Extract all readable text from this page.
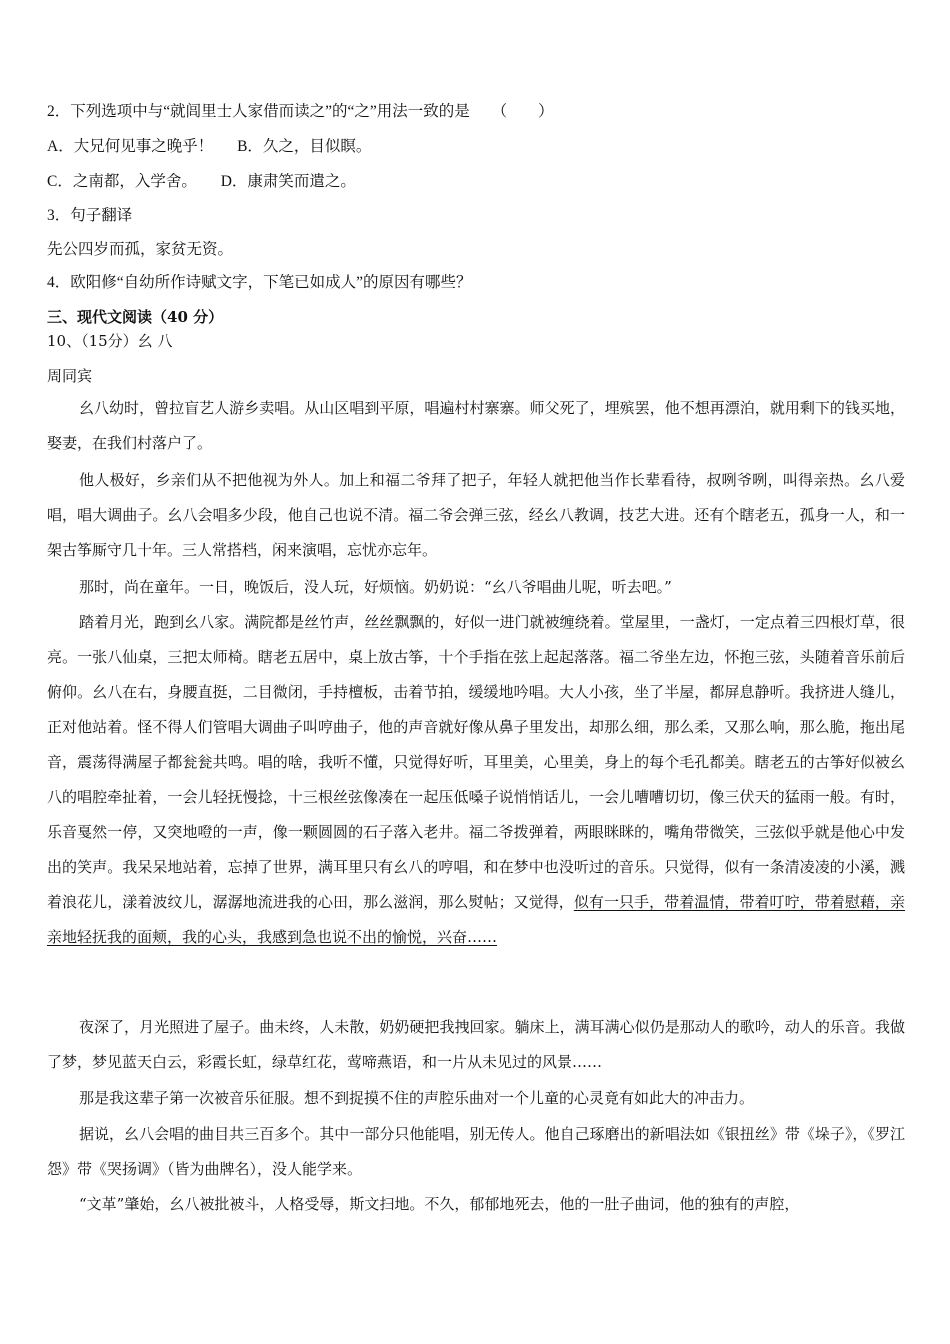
2．下列选项中与“就闾里士人家借而读之”的“之”用法一致的是 （　　）
A．大兄何见事之晚乎！ B．久之，目似瞑。
C．之南都，入学舍。 D．康肃笑而遣之。
3．句子翻译
先公四岁而孤，家贫无资。
4．欧阳修“自幼所作诗赋文字，下笔已如成人”的原因有哪些？
三、现代文阅读（40 分）
10、（15分）幺 八
周同宾
幺八幼时，曾拉盲艺人游乡卖唱。从山区唱到平原，唱遍村村寨寨。师父死了，埋殡罢，他不想再漂泊，就用剩下的钱买地，娶妻，在我们村落户了。
他人极好，乡亲们从不把他视为外人。加上和福二爷拜了把子，年轻人就把他当作长辈看待，叔咧爷咧，叫得亲热。幺八爱唱，唱大调曲子。幺八会唱多少段，他自己也说不清。福二爷会弹三弦，经幺八教调，技艺大进。还有个瞎老五，孤身一人，和一架古筝厮守几十年。三人常搭档，闲来演唱，忘忧亦忘年。
那时，尚在童年。一日，晚饭后，没人玩，好烦恼。奶奶说：“幺八爷唱曲儿呢，听去吧。”
踏着月光，跑到幺八家。满院都是丝竹声，丝丝飘飘的，好似一进门就被缠绕着。堂屋里，一盏灯，一定点着三四根灯草，很亮。一张八仙桌，三把太师椅。瞎老五居中，桌上放古筝，十个手指在弦上起起落落。福二爷坐左边，怀抱三弦，头随着音乐前后俯仰。幺八在右，身腰直挺，二目微闭，手持檀板，击着节拍，缓缓地吟唱。大人小孩，坐了半屋，都屏息静听。我挤进人缝儿，正对他站着。怪不得人们管唱大调曲子叫哼曲子，他的声音就好像从鼻子里发出，却那么细，那么柔，又那么响，那么脆，拖出尾音，震荡得满屋子都瓮瓮共鸣。唱的啥，我听不懂，只觉得好听，耳里美，心里美，身上的每个毛孔都美。瞎老五的古筝好似被幺八的唱腔牵扯着，一会儿轻抚慢捻，十三根丝弦像凑在一起压低嗓子说悄悄话儿，一会儿嘈嘈切切，像三伏天的猛雨一般。有时，乐音戛然一停，又突地噔的一声，像一颗圆圆的石子落入老井。福二爷拨弹着，两眼眯眯的，嘴角带微笑，三弦似乎就是他心中发出的笑声。我呆呆地站着，忘掉了世界，满耳里只有幺八的哼唱，和在梦中也没听过的音乐。只觉得，似有一条清凌凌的小溪，溅着浪花儿，漾着波纹儿，潺潺地流进我的心田，那么滋润，那么熨帖；又觉得，似有一只手，带着温情，带着叮咛，带着慰藉，亲亲地轻抚我的面颊，我的心头，我感到急也说不出的愉悦，兴奋……
夜深了，月光照进了屋子。曲未终，人未散，奶奶硬把我拽回家。躺床上，满耳满心似仍是那动人的歌吟，动人的乐音。我做了梦，梦见蓝天白云，彩霞长虹，绿草红花，莺啼燕语，和一片从未见过的风景……
那是我这辈子第一次被音乐征服。想不到捉摸不住的声腔乐曲对一个儿童的心灵竟有如此大的冲击力。
据说，幺八会唱的曲目共三百多个。其中一部分只他能唱，别无传人。他自己琢磨出的新唱法如《银扭丝》带《垛子》，《罗江怨》带《哭扬调》（皆为曲牌名），没人能学来。
“文革”肇始，幺八被批被斗，人格受辱，斯文扫地。不久，郁郁地死去，他的一肚子曲词，他的独有的声腔，
